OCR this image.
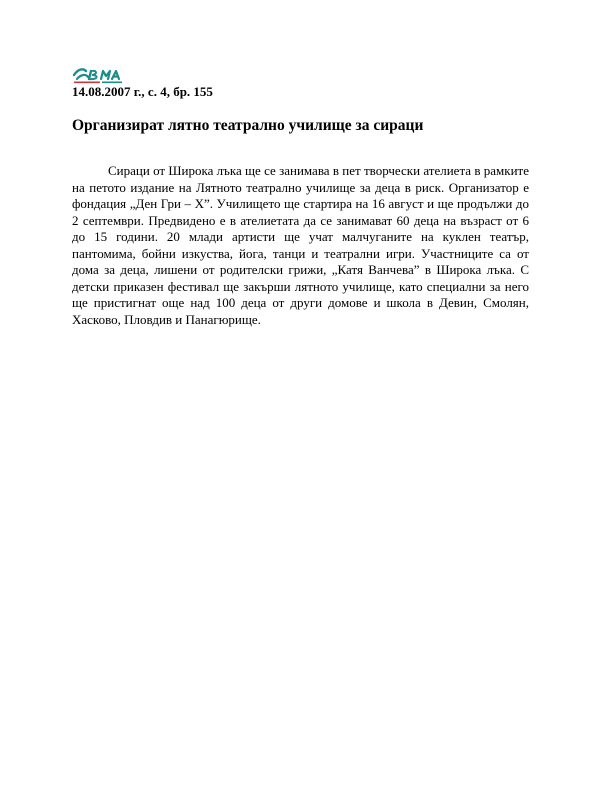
14.08.2007 г., с. 4, бр. 155
Организират лятно театрално училище за сираци

Сираци от Широка лъка ще се занимава в пет творчески ателиета в рамките на петото издание на Лятното театрално училище за деца в риск. Организатор е фондация „Ден Гри – Х”. Училището ще стартира на 16 август и ще продължи до 2 септември. Предвидено е в ателиетата да се занимават 60 деца на възраст от 6 до 15 години. 20 млади артисти ще учат малчуганите на куклен театър, пантомима, бойни изкуства, йога, танци и театрални игри. Участниците са от дома за деца, лишени от родителски грижи, „Катя Ванчева” в Широка лъка. С детски приказен фестивал ще закърши лятното училище, като специални за него ще пристигнат още над 100 деца от други домове и школа в Девин, Смолян, Хасково, Пловдив и Панагюрище.
